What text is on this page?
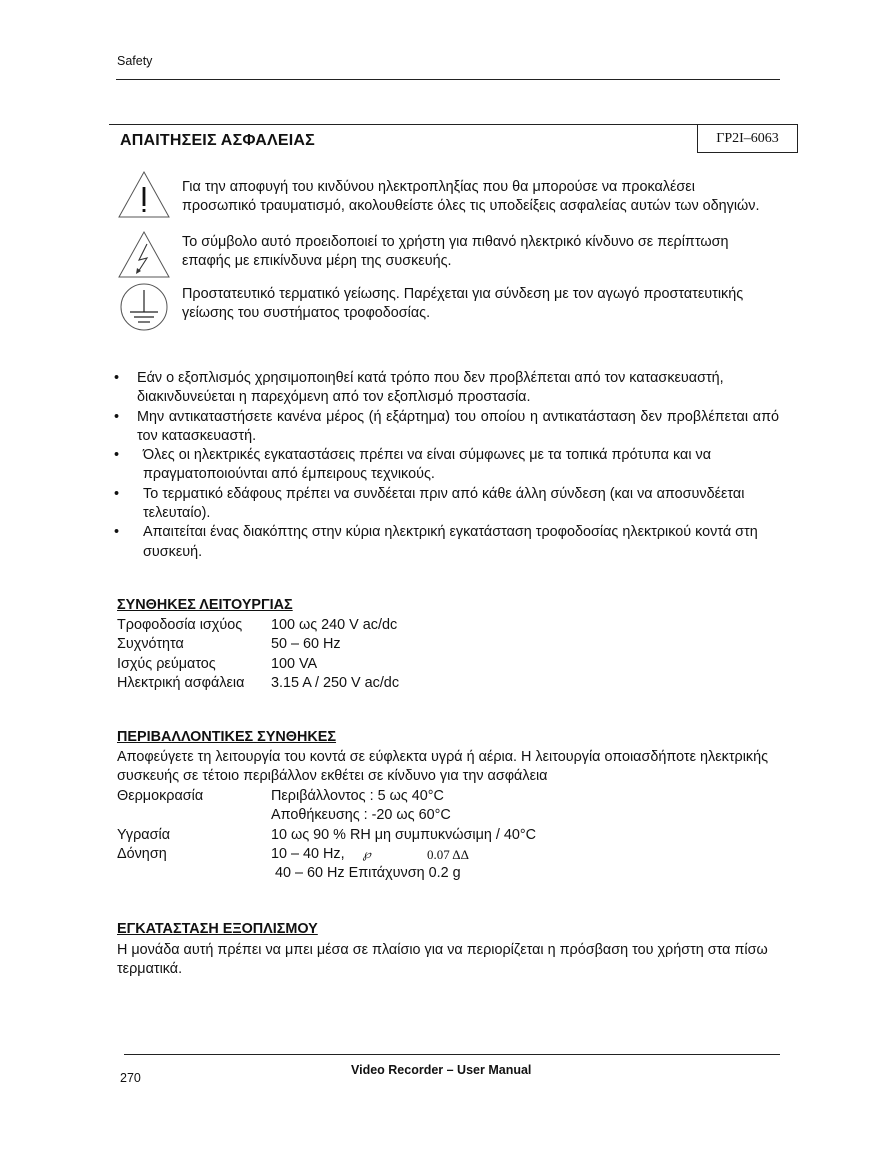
Safety
ΑΠΑΙΤΗΣΕΙΣ ΑΣΦΑΛΕΙΑΣ	ΓΡ2Ι–6063
Για την αποφυγή του κινδύνου ηλεκτροπληξίας που θα μπορούσε να προκαλέσει προσωπικό τραυματισμό, ακολουθείστε όλες τις υποδείξεις ασφαλείας αυτών των οδηγιών.
Το σύμβολο αυτό προειδοποιεί το χρήστη για πιθανό ηλεκτρικό κίνδυνο σε περίπτωση επαφής με επικίνδυνα μέρη της συσκευής.
Προστατευτικό τερματικό γείωσης. Παρέχεται για σύνδεση με τον αγωγό προστατευτικής γείωσης του συστήματος τροφοδοσίας.
• Εάν ο εξοπλισμός χρησιμοποιηθεί κατά τρόπο που δεν προβλέπεται από τον κατασκευαστή, διακινδυνεύεται η παρεχόμενη από τον εξοπλισμό προστασία.
• Μην αντικαταστήσετε κανένα μέρος (ή εξάρτημα) του οποίου η αντικατάσταση δεν προβλέπεται από τον κατασκευαστή.
• Όλες οι ηλεκτρικές εγκαταστάσεις πρέπει να είναι σύμφωνες με τα τοπικά πρότυπα και να πραγματοποιούνται από έμπειρους τεχνικούς.
• Το τερματικό εδάφους πρέπει να συνδέεται πριν από κάθε άλλη σύνδεση (και να αποσυνδέεται τελευταίο).
• Απαιτείται ένας διακόπτης στην κύρια ηλεκτρική εγκατάσταση τροφοδοσίας ηλεκτρικού κοντά στη συσκευή.
ΣΥΝΘΗΚΕΣ ΛΕΙΤΟΥΡΓΙΑΣ
Τροφοδοσία ισχύος	100 ως 240 V ac/dc
Συχνότητα	50 – 60 Hz
Ισχύς ρεύματος	100 VA
Ηλεκτρική ασφάλεια	3.15 A / 250 V ac/dc
ΠΕΡΙΒΑΛΛΟΝΤΙΚΕΣ ΣΥΝΘΗΚΕΣ
Αποφεύγετε τη λειτουργία του κοντά σε εύφλεκτα υγρά ή αέρια. Η λειτουργία οποιασδήποτε ηλεκτρικής συσκευής σε τέτοιο περιβάλλον εκθέτει σε κίνδυνο για την ασφάλεια
Θερμοκρασία	Περιβάλλοντος : 5 ως 40°C
Αποθήκευσης : -20 ως 60°C
Υγρασία	10 ως 90 % RH μη συμπυκνώσιμη / 40°C
Δόνηση	10 – 40 Hz, ℘	0.07 ΔΔ
40 – 60 Hz Επιτάχυνση 0.2 g
ΕΓΚΑΤΑΣΤΑΣΗ ΕΞΟΠΛΙΣΜΟΥ
Η μονάδα αυτή πρέπει να μπει μέσα σε πλαίσιο για να περιορίζεται η πρόσβαση του χρήστη στα πίσω τερματικά.
Video Recorder – User Manual
270
